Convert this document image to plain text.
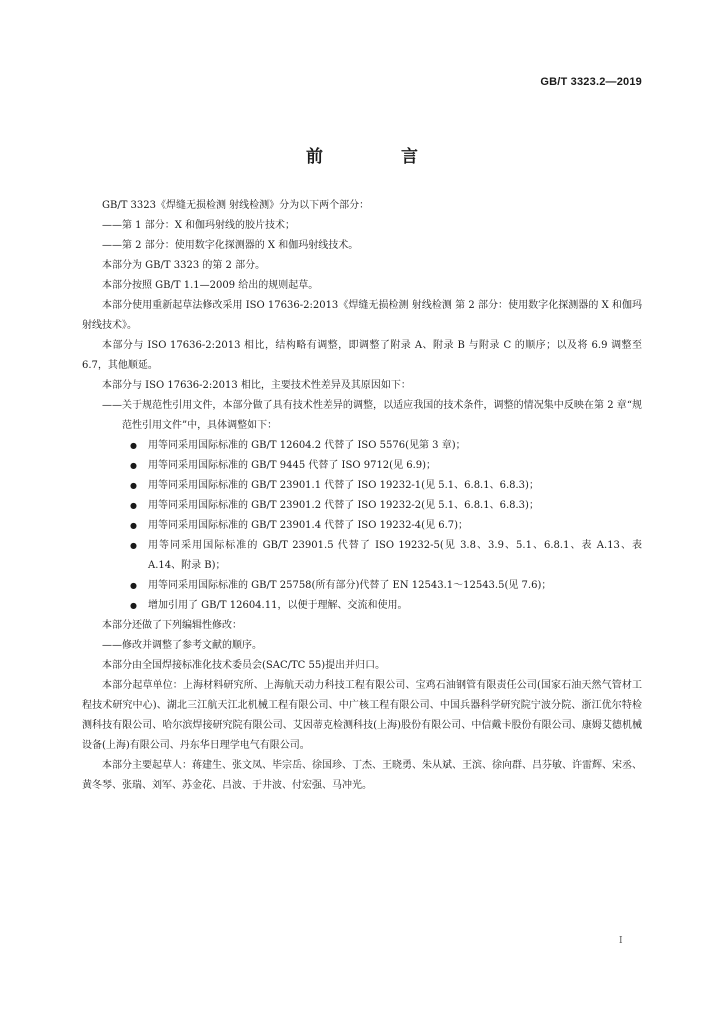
GB/T 3323.2—2019
前 言

GB/T 3323《焊缝无损检测 射线检测》分为以下两个部分：

——第 1 部分：X 和伽玛射线的胶片技术；

——第 2 部分：使用数字化探测器的 X 和伽玛射线技术。

本部分为 GB/T 3323 的第 2 部分。

本部分按照 GB/T 1.1—2009 给出的规则起草。

本部分使用重新起草法修改采用 ISO 17636-2:2013《焊缝无损检测 射线检测 第 2 部分：使用数字化探测器的 X 和伽玛射线技术》。

本部分与 ISO 17636-2:2013 相比，结构略有调整，即调整了附录 A、附录 B 与附录 C 的顺序；以及将 6.9 调整至 6.7，其他顺延。

本部分与 ISO 17636-2:2013 相比，主要技术性差异及其原因如下：

——关于规范性引用文件，本部分做了具有技术性差异的调整，以适应我国的技术条件，调整的情况集中反映在第 2 章“规范性引用文件”中，具体调整如下：

● 用等同采用国际标准的 GB/T 12604.2 代替了 ISO 5576(见第 3 章)；
● 用等同采用国际标准的 GB/T 9445 代替了 ISO 9712(见 6.9)；
● 用等同采用国际标准的 GB/T 23901.1 代替了 ISO 19232-1(见 5.1、6.8.1、6.8.3)；
● 用等同采用国际标准的 GB/T 23901.2 代替了 ISO 19232-2(见 5.1、6.8.1、6.8.3)；
● 用等同采用国际标准的 GB/T 23901.4 代替了 ISO 19232-4(见 6.7)；
● 用等同采用国际标准的 GB/T 23901.5 代替了 ISO 19232-5(见 3.8、3.9、5.1、6.8.1、表 A.13、表 A.14、附录 B)；
● 用等同采用国际标准的 GB/T 25758(所有部分)代替了 EN 12543.1～12543.5(见 7.6)；
● 增加引用了 GB/T 12604.11，以便于理解、交流和使用。

本部分还做了下列编辑性修改：

——修改并调整了参考文献的顺序。

本部分由全国焊接标准化技术委员会(SAC/TC 55)提出并归口。

本部分起草单位：上海材料研究所、上海航天动力科技工程有限公司、宝鸡石油钢管有限责任公司(国家石油天然气管材工程技术研究中心)、湖北三江航天江北机械工程有限公司、中广核工程有限公司、中国兵器科学研究院宁波分院、浙江优尔特检测科技有限公司、哈尔滨焊接研究院有限公司、艾因蒂克检测科技(上海)股份有限公司、中信戴卡股份有限公司、康姆艾德机械设备(上海)有限公司、丹东华日理学电气有限公司。

本部分主要起草人：蒋建生、张文凤、毕宗岳、徐国珍、丁杰、王晓勇、朱从斌、王滨、徐向群、吕芬敏、许雷辉、宋丞、黄冬琴、张瑞、刘军、苏金花、吕波、于井波、付宏强、马冲光。

I
